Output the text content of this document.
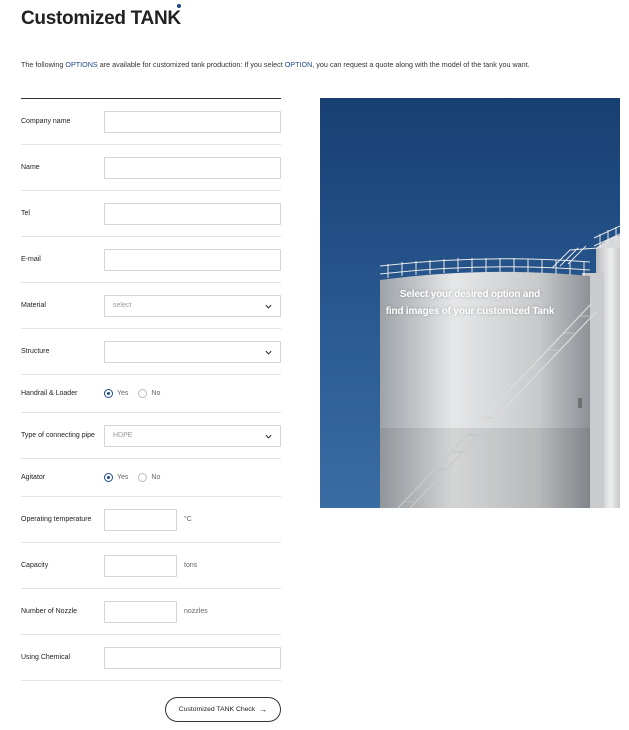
Customized TANK
The following OPTIONS are available for customized tank production: If you select OPTION, you can request a quote along with the model of the tank you want.
Company name
Name
Tel
E-mail
Material	select
Structure
Handrail & Loader	Yes	No
Type of connecting pipe	HDPE
Agitator	Yes	No
Operating temperature	°C
Capacity	tons
Number of Nozzle	nozzles
Using Chemical
Customized TANK Check →
Select your desired option and
find images of your customized Tank
